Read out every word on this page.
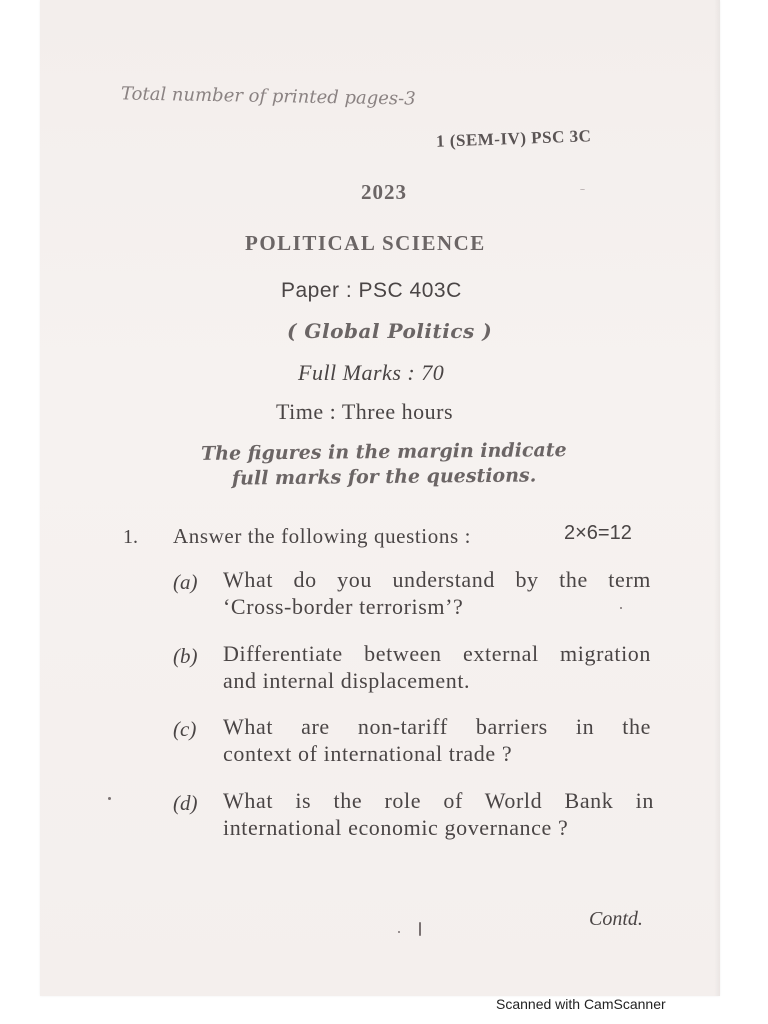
Total number of printed pages-3
1 (SEM-IV) PSC 3C
2023
POLITICAL SCIENCE
Paper : PSC 403C
( Global Politics )
Full Marks : 70
Time : Three hours
The figures in the margin indicate
full marks for the questions.
1. Answer the following questions :	2×6=12
(a) What do you understand by the term
‘Cross-border terrorism’?
(b) Differentiate between external migration
and internal displacement.
(c) What are non-tariff barriers in the
context of international trade ?
(d) What is the role of World Bank in
international economic governance ?
Contd.
Scanned with CamScanner
